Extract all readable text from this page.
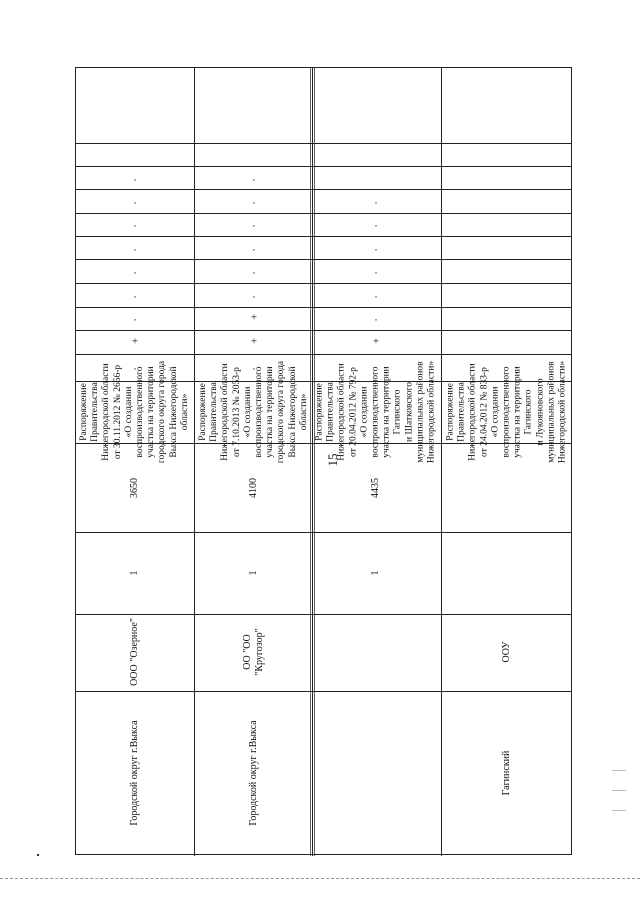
15
Городской округ г.Выкса
ООО "Озерное"
1
3650
Распоряжение Правительства Нижегородской области от 30.11.2012 № 2656-р «О создании воспроизводственного участка на территории городского округа города Выкса Нижегородской области»
.
+
.
.
.
.
.
.
.
Городской округ г.Выкса
ОО "ОО "Кругозор"
1
4100
Распоряжение Правительства Нижегородской области от 7.10.2013 № 2053-р «О создании воспроизводственного участка на территории городского округа города Выкса Нижегородской области»
.
+
+
.
.
.
.
.
.
1
4435
Распоряжение Правительства Нижегородской области от 20.04.2012 № 792-р «О создании воспроизводственного участка на территории Гагинского и Шатковского муниципальных районов Нижегородской области»
+
.
.
.
.
.
.
Гагинский
ООУ
Распоряжение Правительства Нижегородской области от 24.04.2012 № 833-р «О создании воспроизводственного участка на территории Гагинского и Лукояновского муниципальных районов Нижегородской области»
